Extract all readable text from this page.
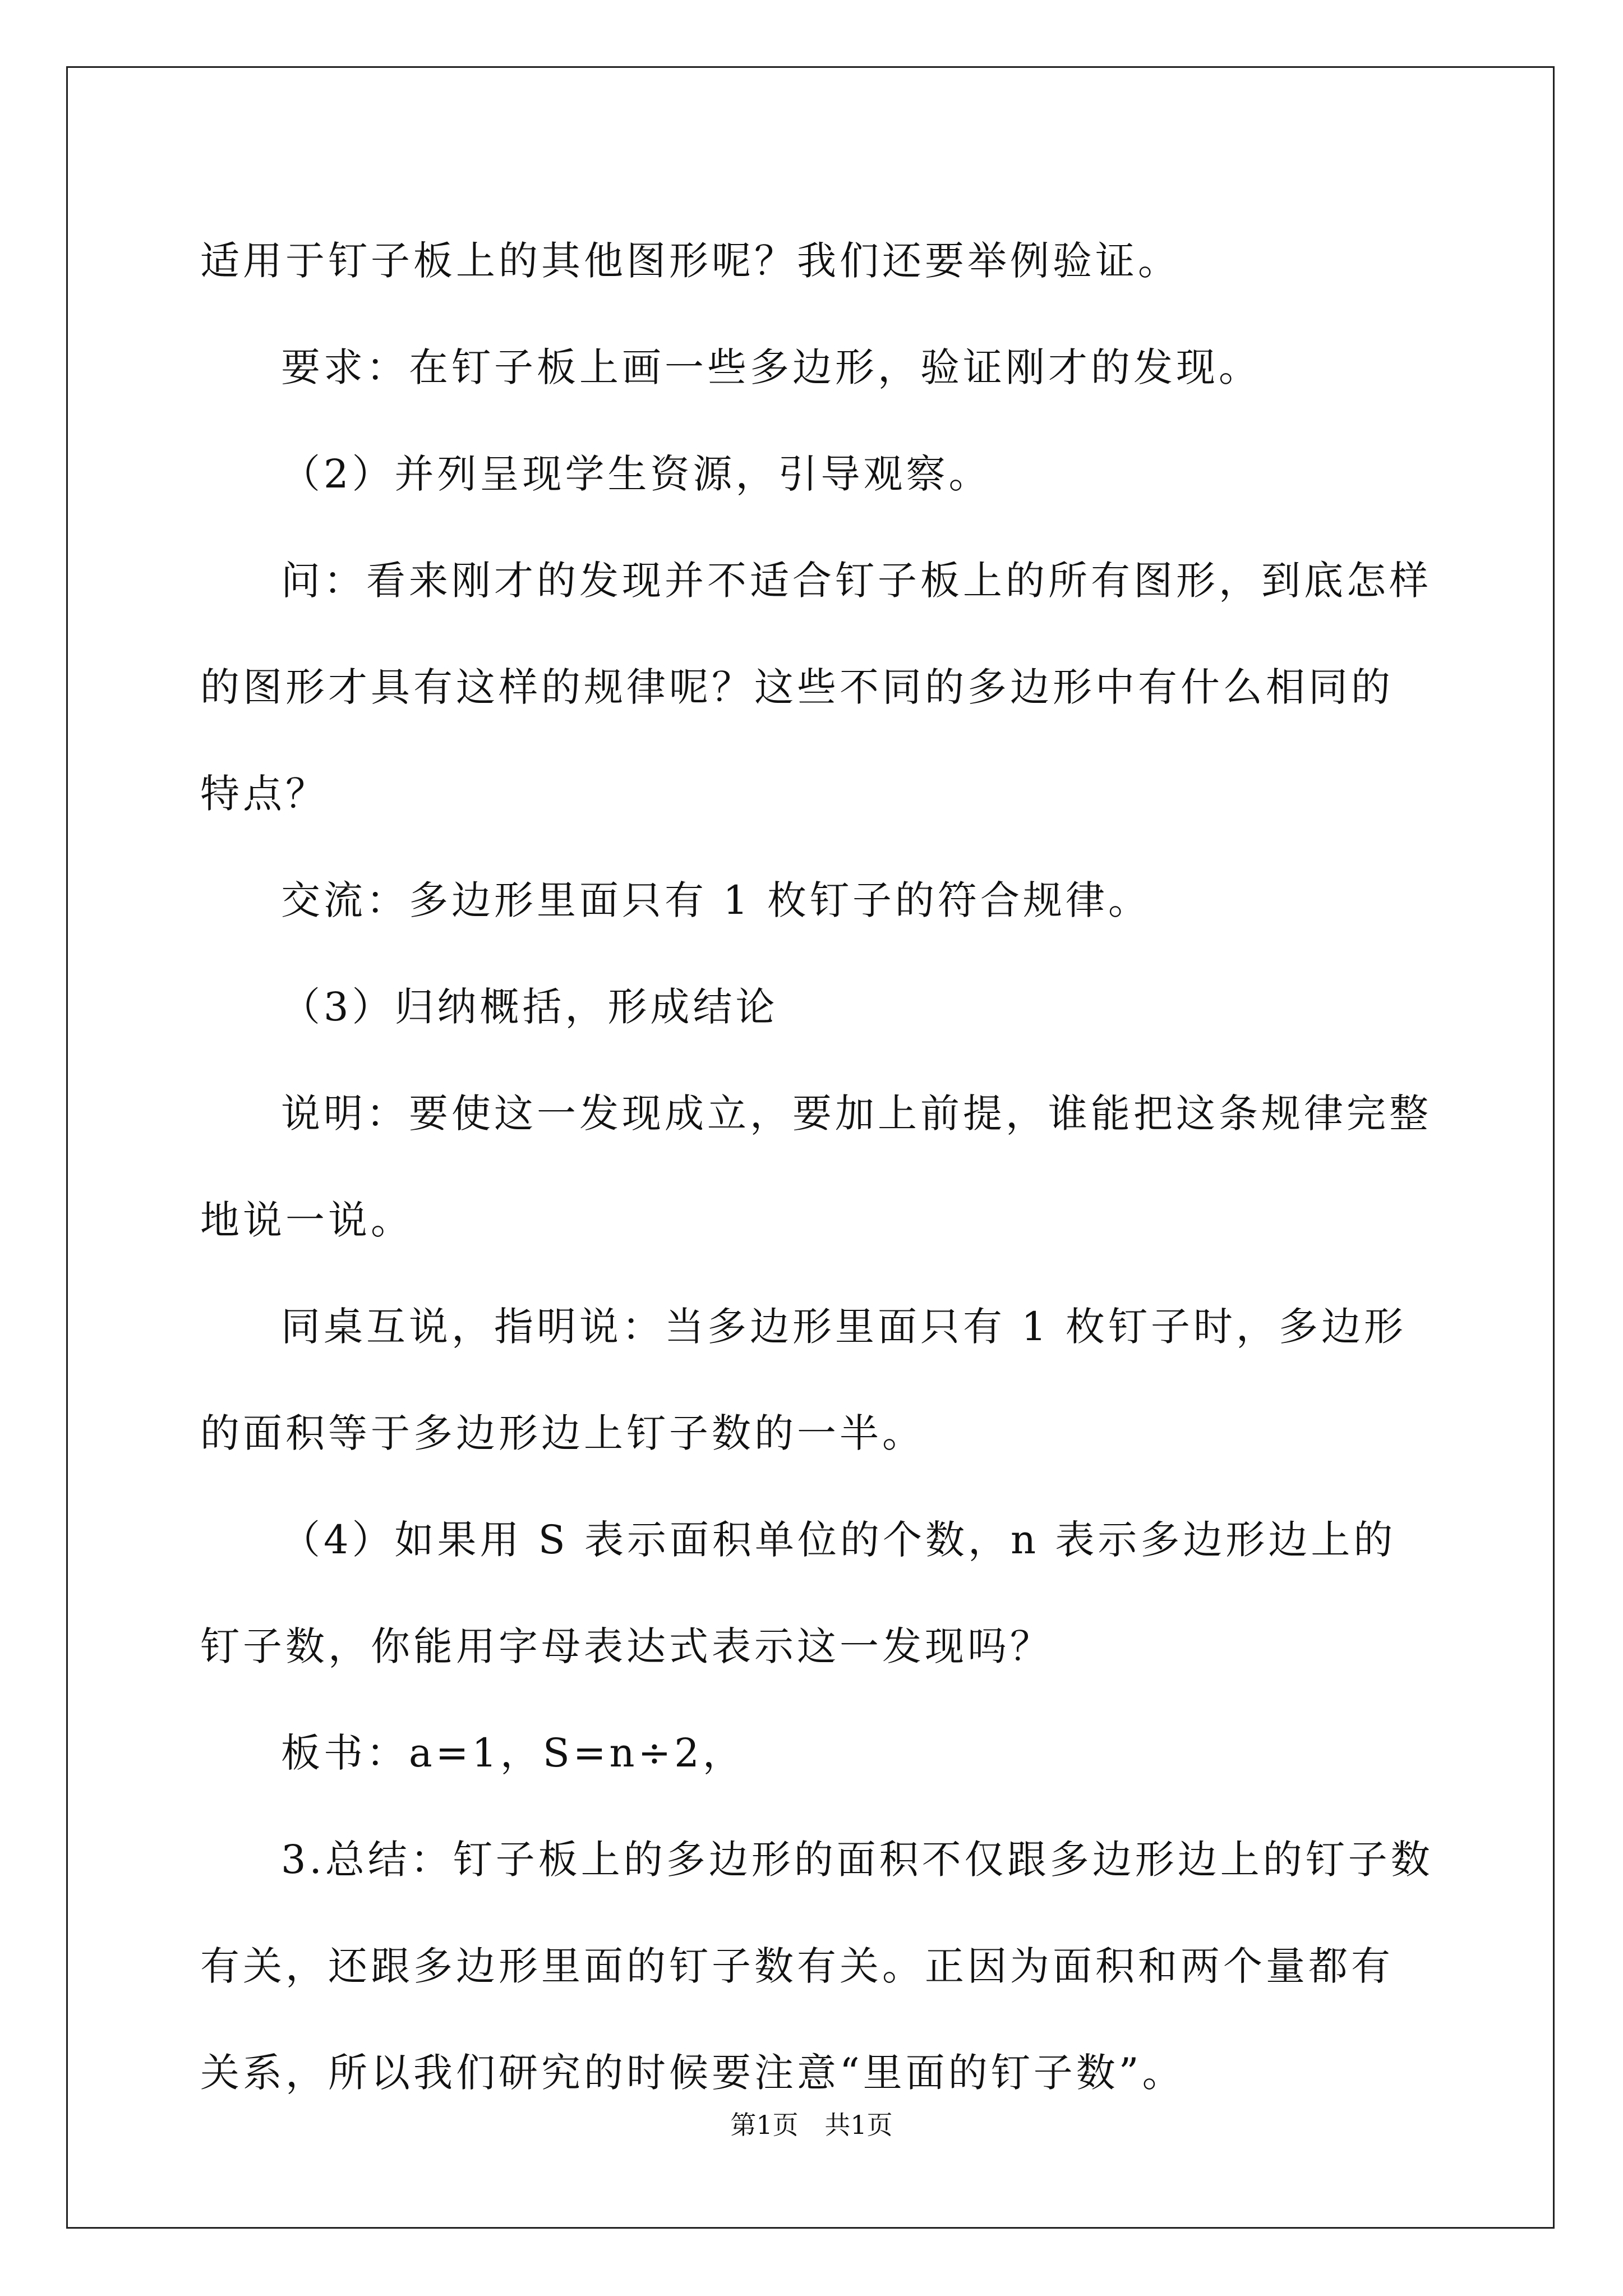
适用于钉子板上的其他图形呢？我们还要举例验证。

要求：在钉子板上画一些多边形，验证刚才的发现。

（2）并列呈现学生资源，引导观察。

问：看来刚才的发现并不适合钉子板上的所有图形，到底怎样的图形才具有这样的规律呢？这些不同的多边形中有什么相同的特点？

交流：多边形里面只有 1 枚钉子的符合规律。

（3）归纳概括，形成结论

说明：要使这一发现成立，要加上前提，谁能把这条规律完整地说一说。

同桌互说，指明说：当多边形里面只有 1 枚钉子时，多边形的面积等于多边形边上钉子数的一半。

（4）如果用 S 表示面积单位的个数，n 表示多边形边上的钉子数，你能用字母表达式表示这一发现吗？

板书：a=1，S=n÷2，

3.总结：钉子板上的多边形的面积不仅跟多边形边上的钉子数有关，还跟多边形里面的钉子数有关。正因为面积和两个量都有关系，所以我们研究的时候要注意“里面的钉子数”。

第1页 共1页
